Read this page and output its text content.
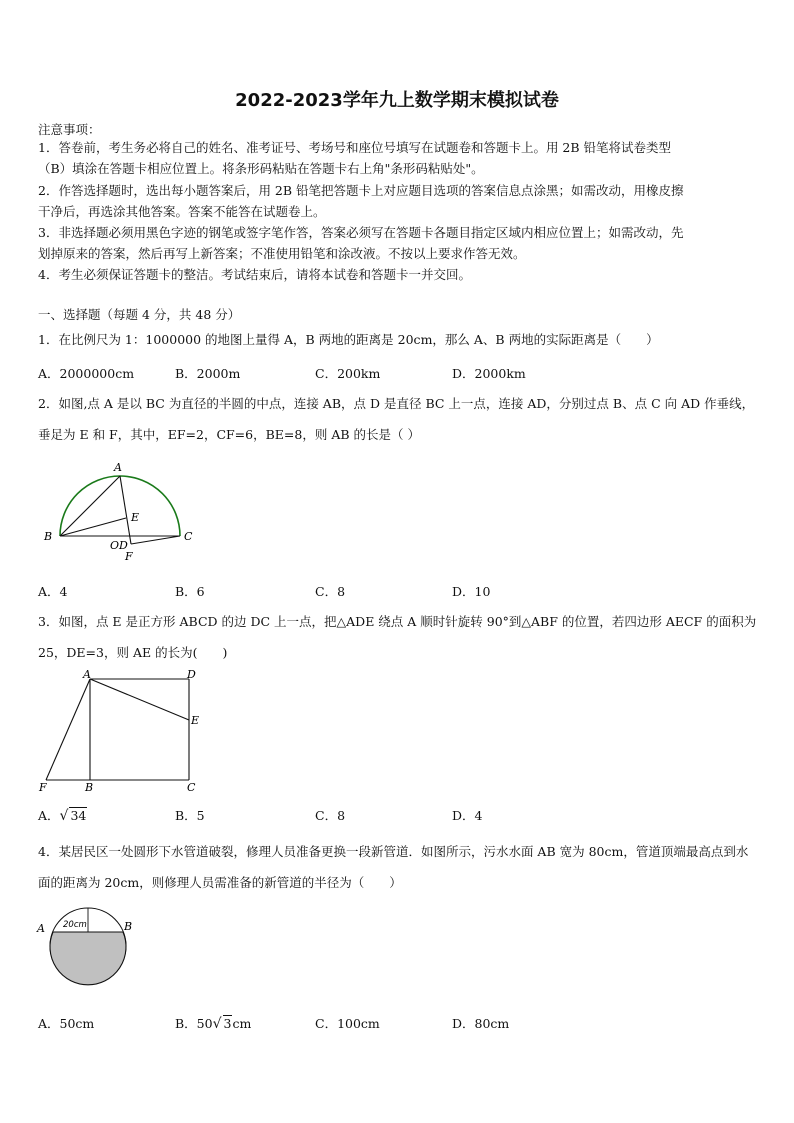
2022-2023学年九上数学期末模拟试卷
注意事项：
1．答卷前，考生务必将自己的姓名、准考证号、考场号和座位号填写在试题卷和答题卡上。用 2B 铅笔将试卷类型
（B）填涂在答题卡相应位置上。将条形码粘贴在答题卡右上角"条形码粘贴处"。
2．作答选择题时，选出每小题答案后，用 2B 铅笔把答题卡上对应题目选项的答案信息点涂黑；如需改动，用橡皮擦
干净后，再选涂其他答案。答案不能答在试题卷上。
3．非选择题必须用黑色字迹的钢笔或签字笔作答，答案必须写在答题卡各题目指定区域内相应位置上；如需改动，先
划掉原来的答案，然后再写上新答案；不准使用铅笔和涂改液。不按以上要求作答无效。
4．考生必须保证答题卡的整洁。考试结束后，请将本试卷和答题卡一并交回。
一、选择题（每题 4 分，共 48 分）
1．在比例尺为 1：1000000 的地图上量得 A，B 两地的距离是 20cm，那么 A、B 两地的实际距离是（　　）
A．2000000cm	B．2000m	C．200km	D．2000km
2．如图,点 A 是以 BC 为直径的半圆的中点，连接 AB，点 D 是直径 BC 上一点，连接 AD，分别过点 B、点 C 向 AD 作垂线，垂足为 E 和 F，其中，EF=2，CF=6，BE=8，则 AB 的长是（ ）
A
B	C
E
O D
F
A．4	B．6	C．8	D．10
3．如图，点 E 是正方形 ABCD 的边 DC 上一点，把△ADE 绕点 A 顺时针旋转 90°到△ABF 的位置，若四边形 AECF 的面积为 25，DE=3，则 AE 的长为(　　)
A	D
E
F	B	C
A．√ 34	B．5	C．8	D．4
4．某居民区一处圆形下水管道破裂，修理人员准备更换一段新管道．如图所示，污水水面 AB 宽为 80cm，管道顶端最高点到水面的距离为 20cm，则修理人员需准备的新管道的半径为（　　）
A 20cm	B
A．50cm	B．50√ 3cm	C．100cm	D．80cm
